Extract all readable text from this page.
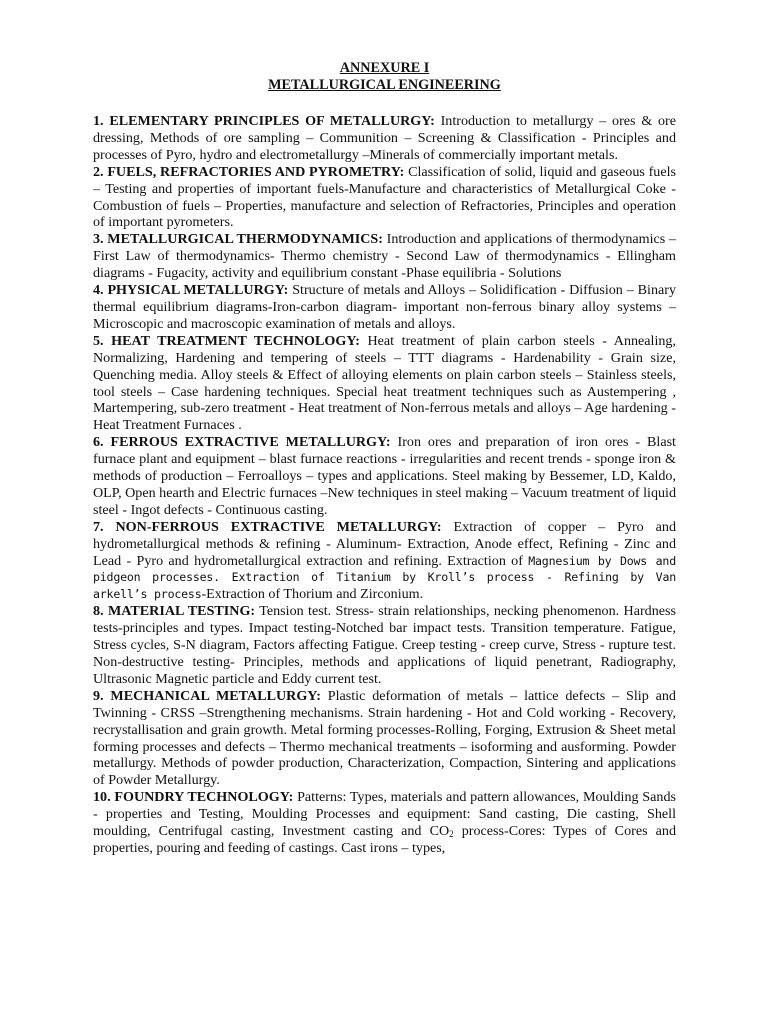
ANNEXURE I

METALLURGICAL ENGINEERING

1. ELEMENTARY PRINCIPLES OF METALLURGY: Introduction to metallurgy – ores & ore dressing, Methods of ore sampling – Communition – Screening & Classification - Principles and processes of Pyro, hydro and electrometallurgy –Minerals of commercially important metals.

2. FUELS, REFRACTORIES AND PYROMETRY: Classification of solid, liquid and gaseous fuels – Testing and properties of important fuels-Manufacture and characteristics of Metallurgical Coke - Combustion of fuels – Properties, manufacture and selection of Refractories, Principles and operation of important pyrometers.

3. METALLURGICAL THERMODYNAMICS: Introduction and applications of thermodynamics –First Law of thermodynamics- Thermo chemistry - Second Law of thermodynamics - Ellingham diagrams - Fugacity, activity and equilibrium constant -Phase equilibria - Solutions

4. PHYSICAL METALLURGY: Structure of metals and Alloys – Solidification - Diffusion – Binary thermal equilibrium diagrams-Iron-carbon diagram- important non-ferrous binary alloy systems – Microscopic and macroscopic examination of metals and alloys.

5. HEAT TREATMENT TECHNOLOGY: Heat treatment of plain carbon steels - Annealing, Normalizing, Hardening and tempering of steels – TTT diagrams - Hardenability - Grain size, Quenching media. Alloy steels & Effect of alloying elements on plain carbon steels – Stainless steels, tool steels – Case hardening techniques. Special heat treatment techniques such as Austempering , Martempering, sub-zero treatment - Heat treatment of Non-ferrous metals and alloys – Age hardening - Heat Treatment Furnaces .

6. FERROUS EXTRACTIVE METALLURGY: Iron ores and preparation of iron ores - Blast furnace plant and equipment – blast furnace reactions - irregularities and recent trends - sponge iron & methods of production – Ferroalloys – types and applications. Steel making by Bessemer, LD, Kaldo, OLP, Open hearth and Electric furnaces –New techniques in steel making – Vacuum treatment of liquid steel - Ingot defects - Continuous casting.

7. NON-FERROUS EXTRACTIVE METALLURGY: Extraction of copper – Pyro and hydrometallurgical methods & refining - Aluminum- Extraction, Anode effect, Refining - Zinc and Lead - Pyro and hydrometallurgical extraction and refining. Extraction of Magnesium by Dows and pidgeon processes. Extraction of Titanium by Kroll’s process - Refining by Van arkell’s process-Extraction of Thorium and Zirconium.

8. MATERIAL TESTING: Tension test. Stress- strain relationships, necking phenomenon. Hardness tests-principles and types. Impact testing-Notched bar impact tests. Transition temperature. Fatigue, Stress cycles, S-N diagram, Factors affecting Fatigue. Creep testing - creep curve, Stress - rupture test. Non-destructive testing- Principles, methods and applications of liquid penetrant, Radiography, Ultrasonic Magnetic particle and Eddy current test.

9. MECHANICAL METALLURGY: Plastic deformation of metals – lattice defects – Slip and Twinning - CRSS –Strengthening mechanisms. Strain hardening - Hot and Cold working - Recovery, recrystallisation and grain growth. Metal forming processes-Rolling, Forging, Extrusion & Sheet metal forming processes and defects – Thermo mechanical treatments – isoforming and ausforming. Powder metallurgy. Methods of powder production, Characterization, Compaction, Sintering and applications of Powder Metallurgy.

10. FOUNDRY TECHNOLOGY: Patterns: Types, materials and pattern allowances, Moulding Sands - properties and Testing, Moulding Processes and equipment: Sand casting, Die casting, Shell moulding, Centrifugal casting, Investment casting and $CO_2$ process-Cores: Types of Cores and properties, pouring and feeding of castings. Cast irons – types,
